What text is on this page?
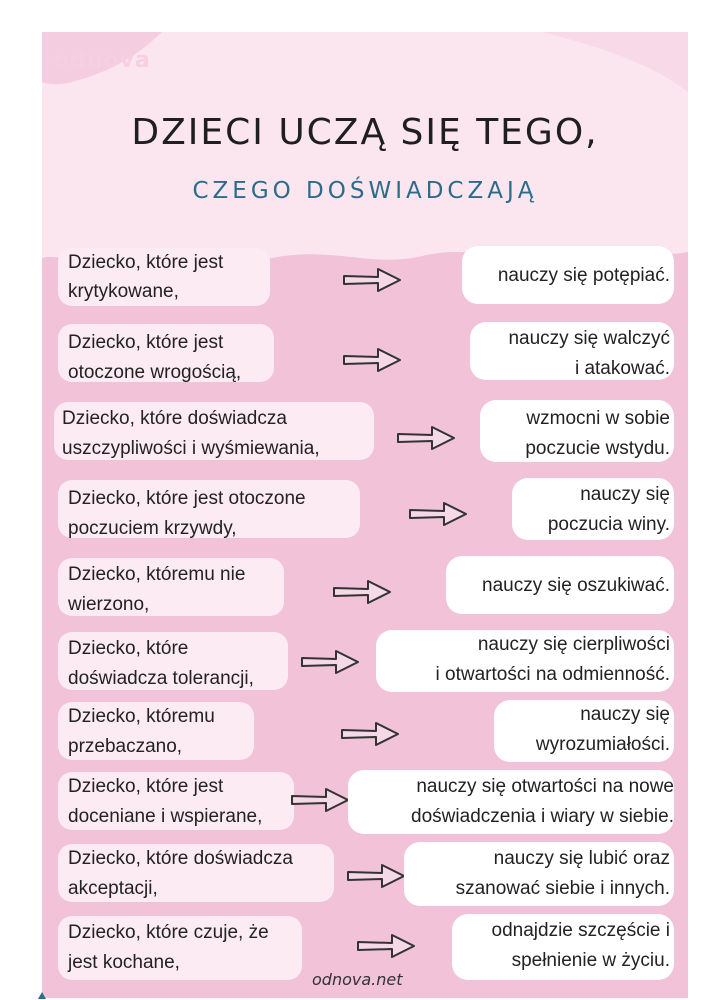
odnova
DZIECI UCZĄ SIĘ TEGO,
CZEGO DOŚWIADCZAJĄ
Dziecko, które jest
krytykowane,
nauczy się potępiać.
Dziecko, które jest
otoczone wrogością,
nauczy się walczyć
i atakować.
Dziecko, które doświadcza
uszczypliwości i wyśmiewania,
wzmocni w sobie
poczucie wstydu.
Dziecko, które jest otoczone
poczuciem krzywdy,
nauczy się
poczucia winy.
Dziecko, któremu nie
wierzono,
nauczy się oszukiwać.
Dziecko, które
doświadcza tolerancji,
nauczy się cierpliwości
i otwartości na odmienność.
Dziecko, któremu
przebaczano,
nauczy się
wyrozumiałości.
Dziecko, które jest
doceniane i wspierane,
nauczy się otwartości na nowe
doświadczenia i wiary w siebie.
Dziecko, które doświadcza
akceptacji,
nauczy się lubić oraz
szanować siebie i innych.
Dziecko, które czuje, że
jest kochane,
odnajdzie szczęście i
spełnienie w życiu.
odnova.net
